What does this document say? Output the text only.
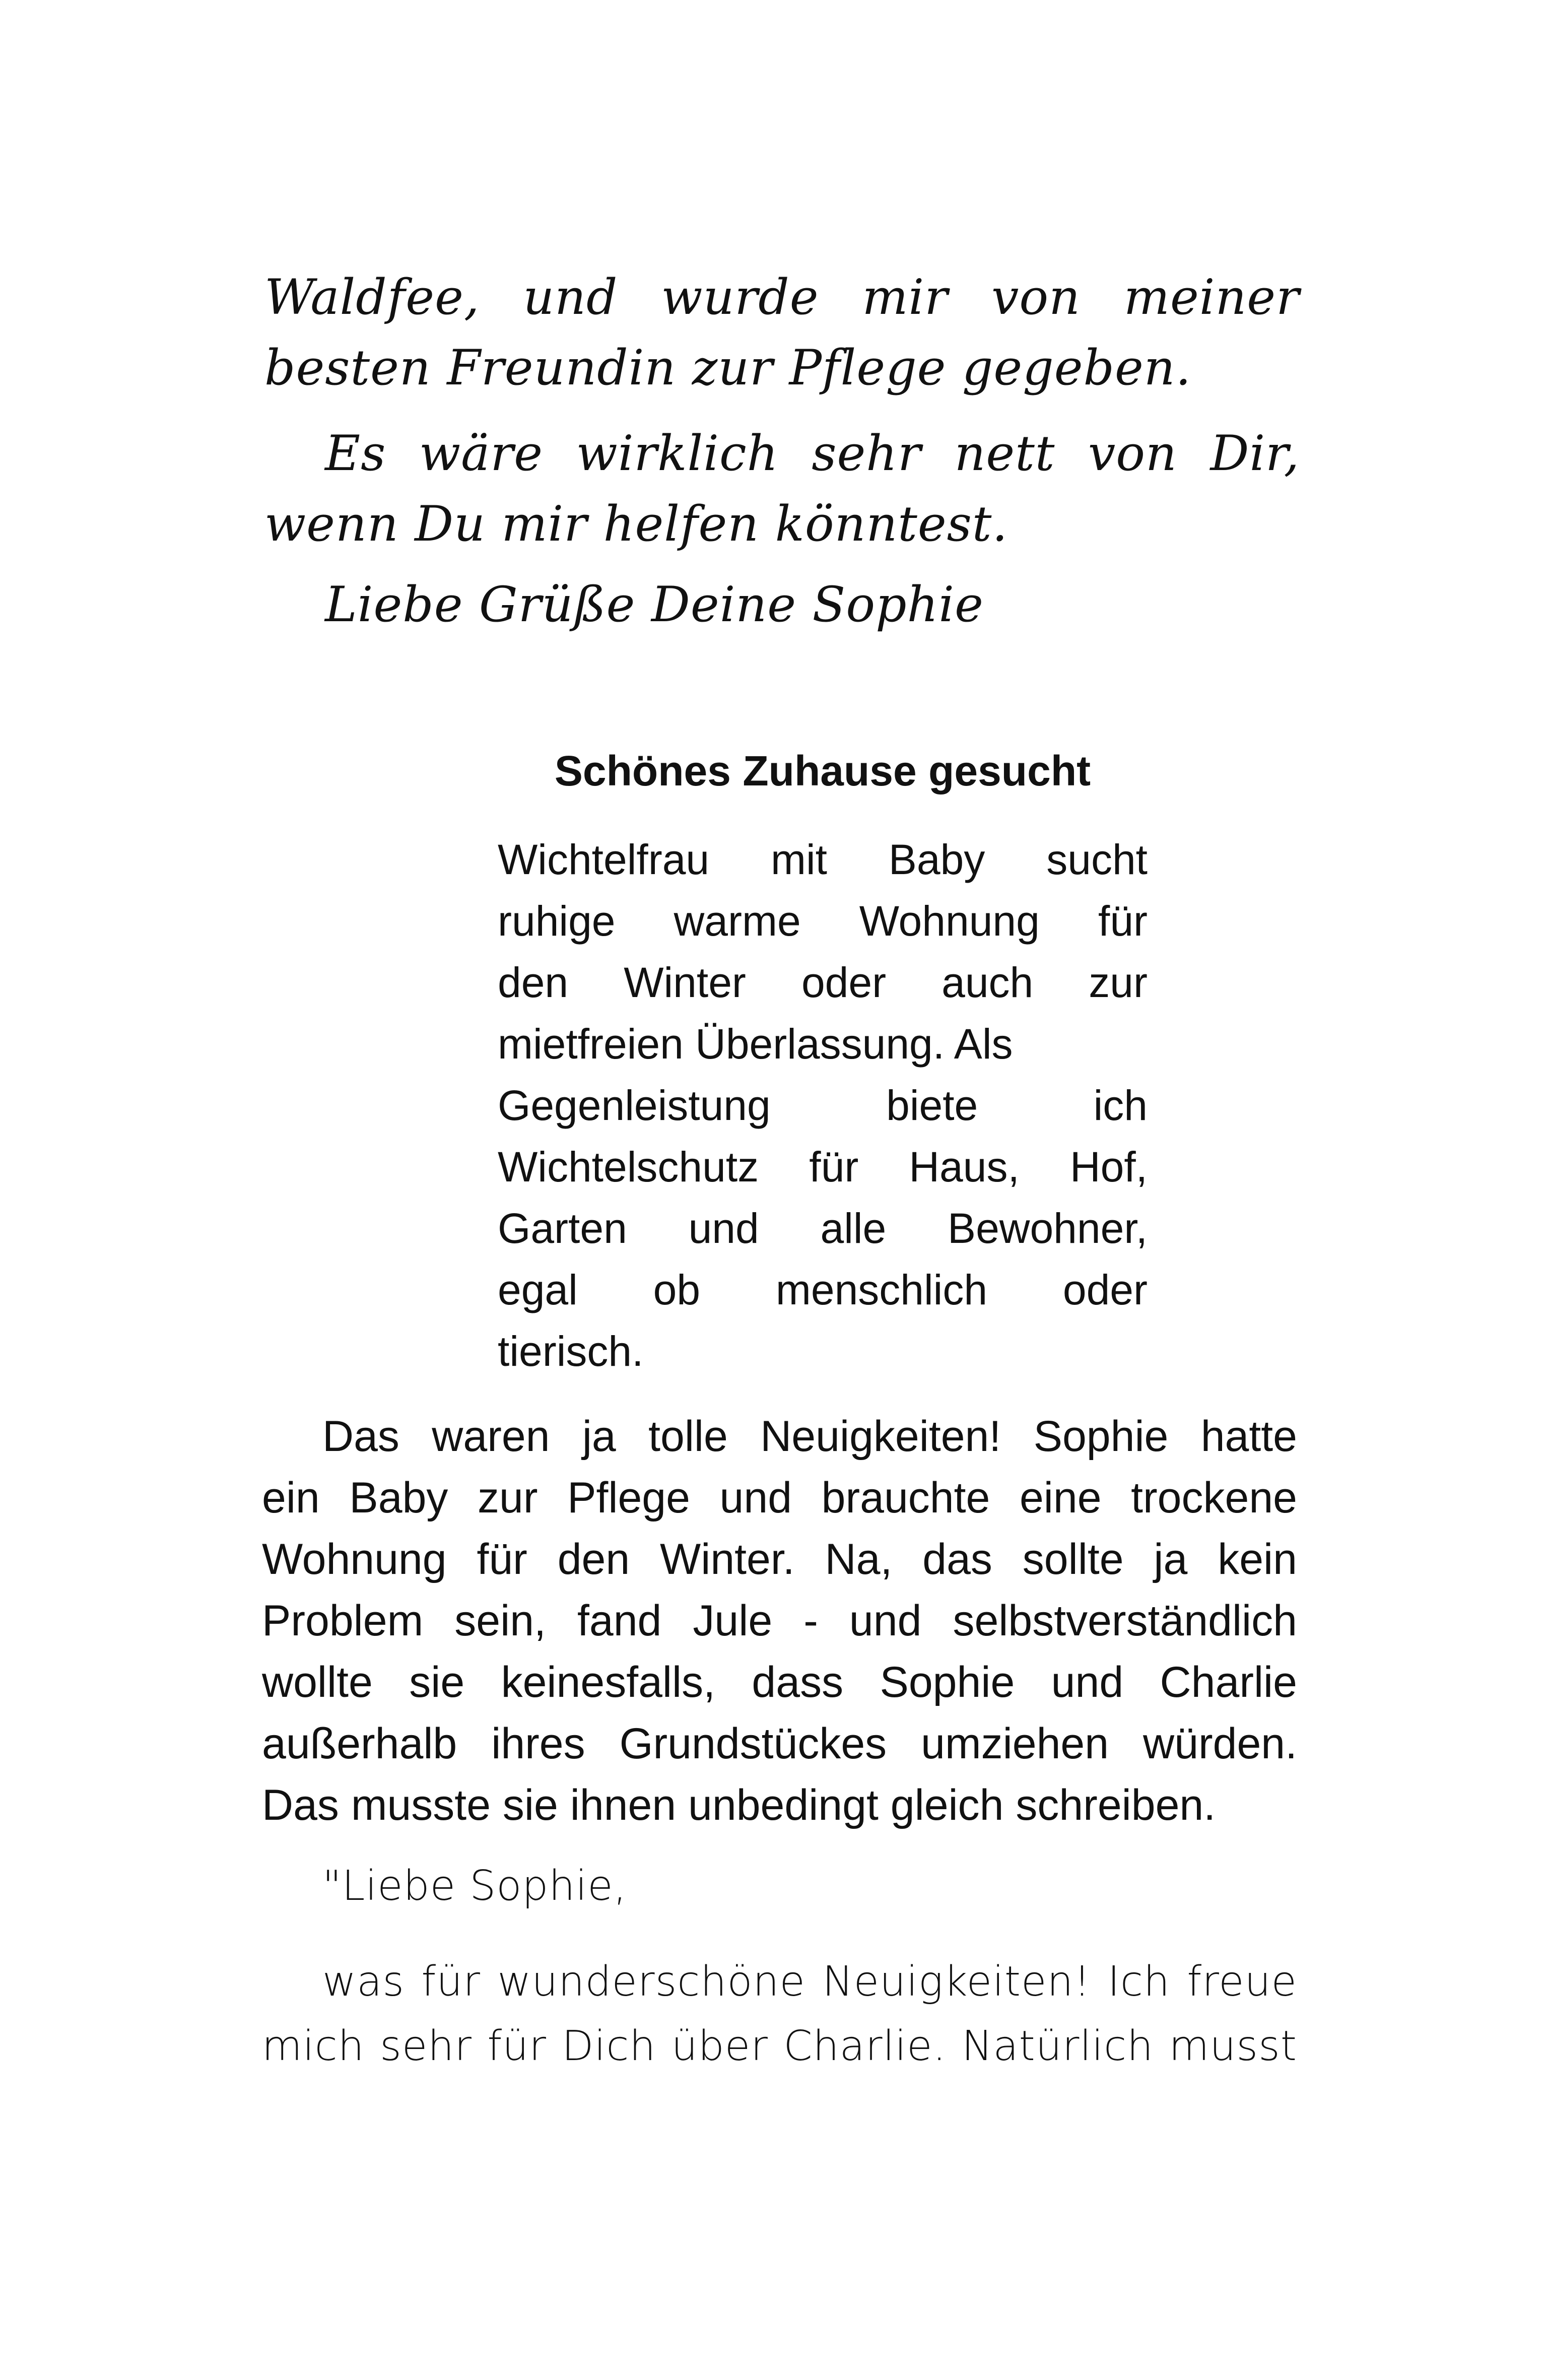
Waldfee, und wurde mir von meiner
besten Freundin zur Pflege gegeben.
Es wäre wirklich sehr nett von Dir,
wenn Du mir helfen könntest.
Liebe Grüße Deine Sophie
Schönes Zuhause gesucht
Wichtelfrau mit Baby sucht
ruhige warme Wohnung für
den Winter oder auch zur
mietfreien Überlassung. Als
Gegenleistung biete ich
Wichtelschutz für Haus, Hof,
Garten und alle Bewohner,
egal ob menschlich oder
tierisch.
Das waren ja tolle Neuigkeiten! Sophie hatte
ein Baby zur Pflege und brauchte eine trockene
Wohnung für den Winter. Na, das sollte ja kein
Problem sein, fand Jule - und selbstverständlich
wollte sie keinesfalls, dass Sophie und Charlie
außerhalb ihres Grundstückes umziehen würden.
Das musste sie ihnen unbedingt gleich schreiben.
"Liebe Sophie,
was für wunderschöne Neuigkeiten! Ich freue
mich sehr für Dich über Charlie. Natürlich musst
